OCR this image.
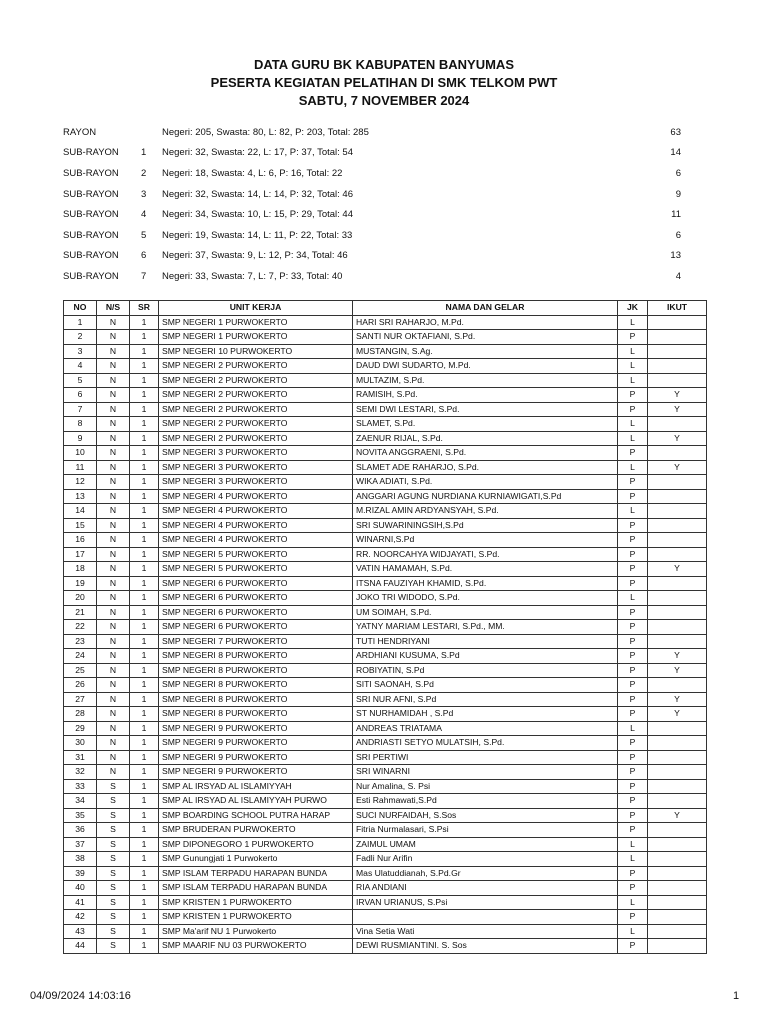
DATA GURU BK KABUPATEN BANYUMAS
PESERTA KEGIATAN PELATIHAN DI SMK TELKOM PWT
SABTU, 7 NOVEMBER 2024
RAYON	Negeri: 205, Swasta: 80, L: 82, P: 203, Total: 285	63
SUB-RAYON	1	Negeri: 32, Swasta: 22, L: 17, P: 37, Total: 54	14
SUB-RAYON	2	Negeri: 18, Swasta: 4, L: 6, P: 16, Total: 22	6
SUB-RAYON	3	Negeri: 32, Swasta: 14, L: 14, P: 32, Total: 46	9
SUB-RAYON	4	Negeri: 34, Swasta: 10, L: 15, P: 29, Total: 44	11
SUB-RAYON	5	Negeri: 19, Swasta: 14, L: 11, P: 22, Total: 33	6
SUB-RAYON	6	Negeri: 37, Swasta: 9, L: 12, P: 34, Total: 46	13
SUB-RAYON	7	Negeri: 33, Swasta: 7, L: 7, P: 33, Total: 40	4
NO	N/S	SR	UNIT KERJA	NAMA DAN GELAR	JK	IKUT
1	N	1	SMP NEGERI 1 PURWOKERTO	HARI SRI RAHARJO, M.Pd.	L	
2	N	1	SMP NEGERI 1 PURWOKERTO	SANTI NUR OKTAFIANI, S.Pd.	P	
3	N	1	SMP NEGERI 10 PURWOKERTO	MUSTANGIN, S.Ag.	L	
4	N	1	SMP NEGERI 2 PURWOKERTO	DAUD DWI SUDARTO, M.Pd.	L	
5	N	1	SMP NEGERI 2 PURWOKERTO	MULTAZIM, S.Pd.	L	
6	N	1	SMP NEGERI 2 PURWOKERTO	RAMISIH, S.Pd.	P	Y
7	N	1	SMP NEGERI 2 PURWOKERTO	SEMI DWI LESTARI, S.Pd.	P	Y
8	N	1	SMP NEGERI 2 PURWOKERTO	SLAMET, S.Pd.	L	
9	N	1	SMP NEGERI 2 PURWOKERTO	ZAENUR RIJAL, S.Pd.	L	Y
10	N	1	SMP NEGERI 3 PURWOKERTO	NOVITA ANGGRAENI, S.Pd.	P	
11	N	1	SMP NEGERI 3 PURWOKERTO	SLAMET ADE RAHARJO, S.Pd.	L	Y
12	N	1	SMP NEGERI 3 PURWOKERTO	WIKA ADIATI, S.Pd.	P	
13	N	1	SMP NEGERI 4 PURWOKERTO	ANGGARI AGUNG NURDIANA KURNIAWIGATI,S.Pd	P	
14	N	1	SMP NEGERI 4 PURWOKERTO	M.RIZAL AMIN ARDYANSYAH, S.Pd.	L	
15	N	1	SMP NEGERI 4 PURWOKERTO	SRI SUWARININGSIH,S.Pd	P	
16	N	1	SMP NEGERI 4 PURWOKERTO	WINARNI,S.Pd	P	
17	N	1	SMP NEGERI 5 PURWOKERTO	RR. NOORCAHYA WIDJAYATI, S.Pd.	P	
18	N	1	SMP NEGERI 5 PURWOKERTO	VATIN HAMAMAH, S.Pd.	P	Y
19	N	1	SMP NEGERI 6 PURWOKERTO	ITSNA FAUZIYAH KHAMID, S.Pd.	P	
20	N	1	SMP NEGERI 6 PURWOKERTO	JOKO TRI WIDODO, S.Pd.	L	
21	N	1	SMP NEGERI 6 PURWOKERTO	UM SOIMAH, S.Pd.	P	
22	N	1	SMP NEGERI 6 PURWOKERTO	YATNY MARIAM LESTARI, S.Pd., MM.	P	
23	N	1	SMP NEGERI 7 PURWOKERTO	TUTI HENDRIYANI	P	
24	N	1	SMP NEGERI 8 PURWOKERTO	ARDHIANI KUSUMA, S.Pd	P	Y
25	N	1	SMP NEGERI 8 PURWOKERTO	ROBIYATIN, S.Pd	P	Y
26	N	1	SMP NEGERI 8 PURWOKERTO	SITI SAONAH, S.Pd	P	
27	N	1	SMP NEGERI 8 PURWOKERTO	SRI NUR AFNI, S.Pd	P	Y
28	N	1	SMP NEGERI 8 PURWOKERTO	ST NURHAMIDAH , S.Pd	P	Y
29	N	1	SMP NEGERI 9 PURWOKERTO	ANDREAS TRIATAMA	L	
30	N	1	SMP NEGERI 9 PURWOKERTO	ANDRIASTI SETYO MULATSIH, S.Pd.	P	
31	N	1	SMP NEGERI 9 PURWOKERTO	SRI PERTIWI	P	
32	N	1	SMP NEGERI 9 PURWOKERTO	SRI WINARNI	P	
33	S	1	SMP AL IRSYAD AL ISLAMIYYAH	Nur Amalina, S. Psi	P	
34	S	1	SMP AL IRSYAD AL ISLAMIYYAH PURWO	Esti Rahmawati,S.Pd	P	
35	S	1	SMP BOARDING SCHOOL PUTRA HARAP	SUCI NURFAIDAH, S.Sos	P	Y
36	S	1	SMP BRUDERAN PURWOKERTO	Fitria Nurmalasari, S.Psi	P	
37	S	1	SMP DIPONEGORO 1 PURWOKERTO	ZAIMUL UMAM	L	
38	S	1	SMP Gunungjati 1 Purwokerto	Fadli Nur Arifin	L	
39	S	1	SMP ISLAM TERPADU HARAPAN BUNDA	Mas Ulatuddianah, S.Pd.Gr	P	
40	S	1	SMP ISLAM TERPADU HARAPAN BUNDA	RIA ANDIANI	P	
41	S	1	SMP KRISTEN 1 PURWOKERTO	IRVAN URIANUS, S.Psi	L	
42	S	1	SMP KRISTEN 1 PURWOKERTO		P	
43	S	1	SMP Ma'arif NU 1 Purwokerto	Vina Setia Wati	L	
44	S	1	SMP MAARIF NU 03 PURWOKERTO	DEWI RUSMIANTINI. S. Sos	P	
04/09/2024 14:03:16	1
